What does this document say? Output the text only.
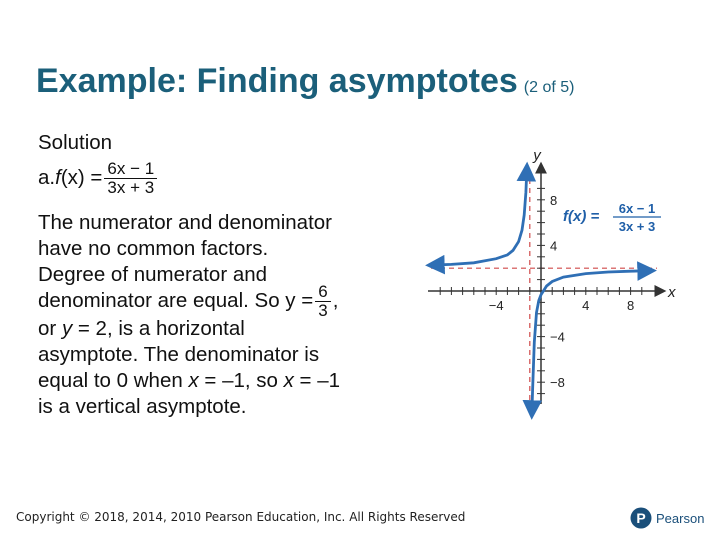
Example: Finding asymptotes (2 of 5)
Solution
$a.f(x) = \frac{6x - 1}{3x + 3}$
The numerator and denominator
have no common factors.
Degree of numerator and
denominator are equal. So $y = \frac{6}{3}$ ,
or y = 2, is a horizontal
asymptote. The denominator is
equal to 0 when x = –1, so x = –1
is a vertical asymptote.
x
y
−4	4	8
8
4
−4
−8
f(x) = 6x − 1
3x + 3
Copyright © 2018, 2014, 2010 Pearson Education, Inc. All Rights Reserved	P Pearson
